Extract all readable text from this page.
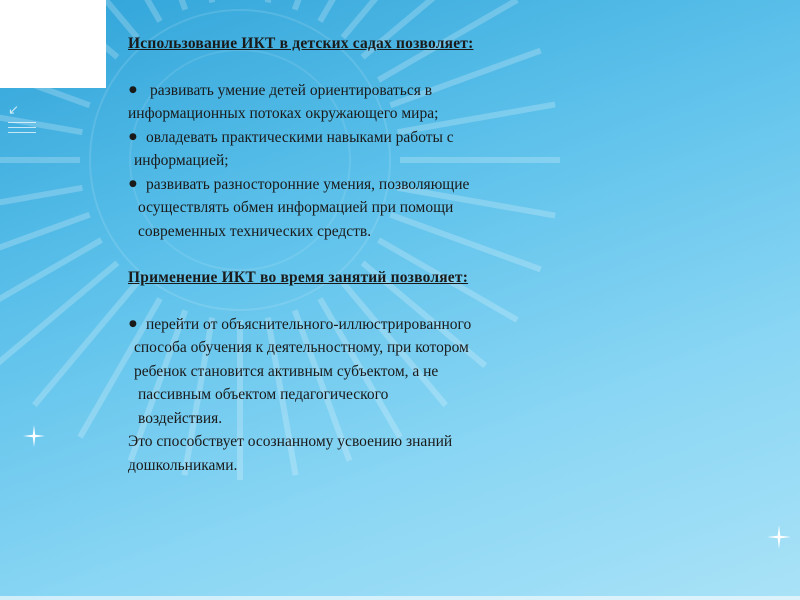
↙
Использование ИКТ в детских садах позволяет:
● развивать умение детей ориентироваться в
информационных потоках окружающего мира;
● овладевать практическими навыками работы с
информацией;
● развивать разносторонние умения, позволяющие
осуществлять обмен информацией при помощи
современных технических средств.
Применение ИКТ во время занятий позволяет:
● перейти от объяснительного-иллюстрированного
способа обучения к деятельностному, при котором
ребенок становится активным субъектом, а не
пассивным объектом педагогического
воздействия.
Это способствует осознанному усвоению знаний
дошкольниками.
